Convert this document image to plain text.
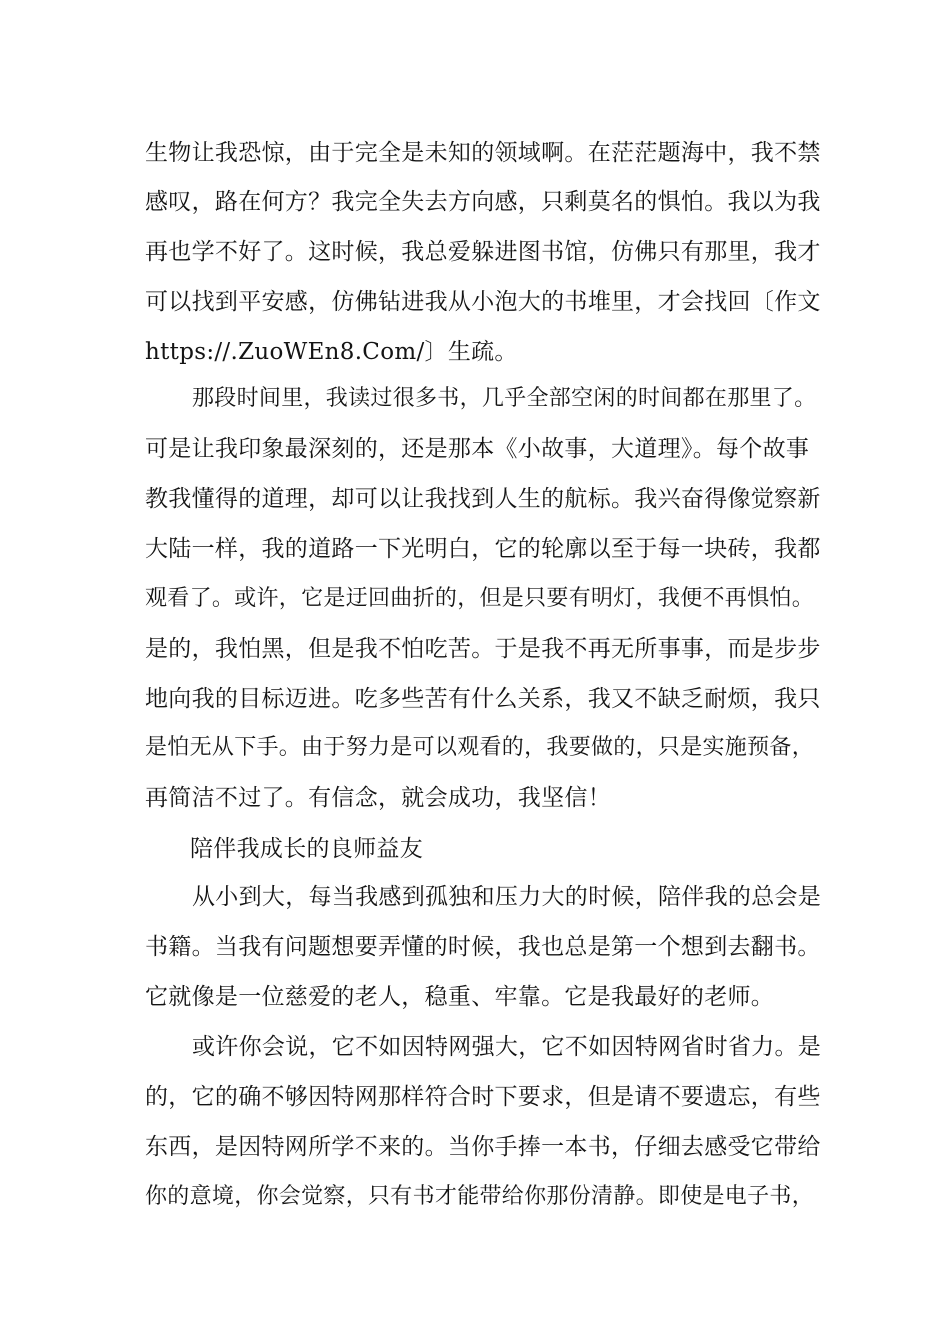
生物让我恐惊，由于完全是未知的领域啊。在茫茫题海中，我不禁
感叹，路在何方？我完全失去方向感，只剩莫名的惧怕。我以为我
再也学不好了。这时候，我总爱躲进图书馆，仿佛只有那里，我才
可以找到平安感，仿佛钻进我从小泡大的书堆里，才会找回〔作文
https://.ZuoWEn8.Com/〕生疏。
那段时间里，我读过很多书，几乎全部空闲的时间都在那里了。
可是让我印象最深刻的，还是那本《小故事，大道理》。每个故事
教我懂得的道理，却可以让我找到人生的航标。我兴奋得像觉察新
大陆一样，我的道路一下光明白，它的轮廓以至于每一块砖，我都
观看了。或许，它是迂回曲折的，但是只要有明灯，我便不再惧怕。
是的，我怕黑，但是我不怕吃苦。于是我不再无所事事，而是步步
地向我的目标迈进。吃多些苦有什么关系，我又不缺乏耐烦，我只
是怕无从下手。由于努力是可以观看的，我要做的，只是实施预备，
再简洁不过了。有信念，就会成功，我坚信！
陪伴我成长的良师益友
从小到大，每当我感到孤独和压力大的时候，陪伴我的总会是
书籍。当我有问题想要弄懂的时候，我也总是第一个想到去翻书。
它就像是一位慈爱的老人，稳重、牢靠。它是我最好的老师。
或许你会说，它不如因特网强大，它不如因特网省时省力。是
的，它的确不够因特网那样符合时下要求，但是请不要遗忘，有些
东西，是因特网所学不来的。当你手捧一本书，仔细去感受它带给
你的意境，你会觉察，只有书才能带给你那份清静。即使是电子书，
